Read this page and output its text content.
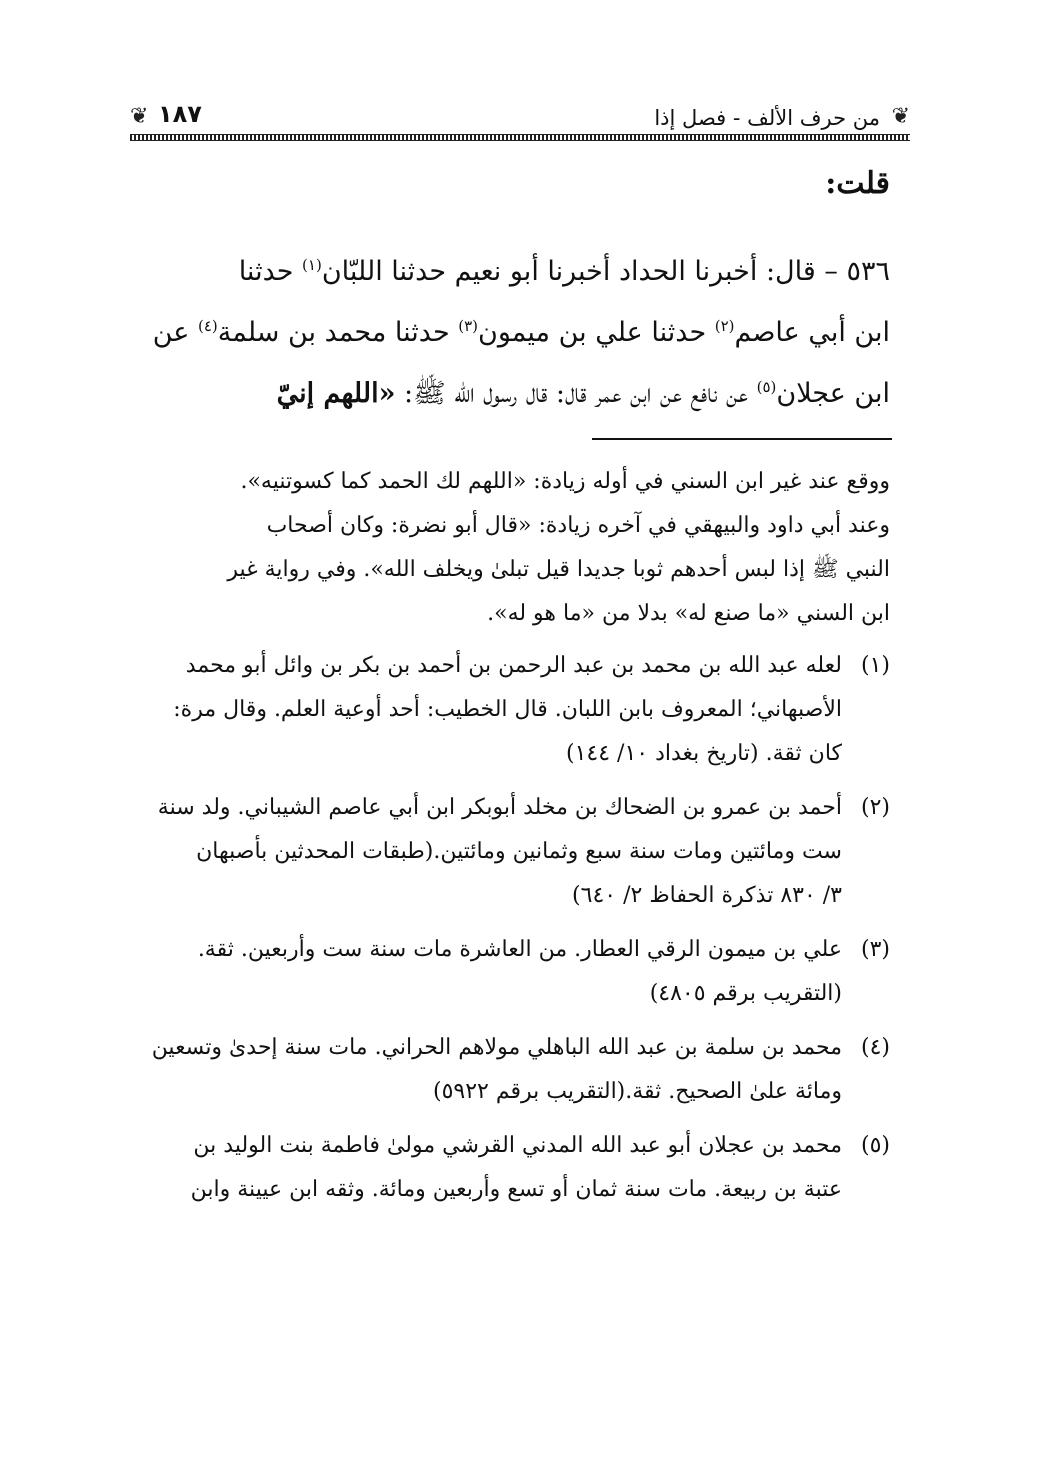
❦
من حرف الألف - فصل إذا
١٨٧
❦
قلت:

٥٣٦ – قال: أخبرنا الحداد أخبرنا أبو نعيم حدثنا اللبّان$^{(١)}$ حدثنا

ابن أبي عاصم$^{(٢)}$ حدثنا علي بن ميمون$^{(٣)}$ حدثنا محمد بن سلمة$^{(٤)}$ عن

ابن عجلان$^{(٥)}$ عن نافع عن ابن عمر قال: قال رسول الله ﷺ: «اللهم إنيّ

ووقع عند غير ابن السني في أوله زيادة: «اللهم لك الحمد كما كسوتنيه».

وعند أبي داود والبيهقي في آخره زيادة: «قال أبو نضرة: وكان أصحاب

النبي ﷺ إذا لبس أحدهم ثوبا جديدا قيل تبلىٰ ويخلف الله». وفي رواية غير

ابن السني «ما صنع له» بدلا من «ما هو له».

(١)

لعله عبد الله بن محمد بن عبد الرحمن بن أحمد بن بكر بن وائل أبو محمد

الأصبهاني؛ المعروف بابن اللبان. قال الخطيب: أحد أوعية العلم. وقال مرة:

كان ثقة. (تاريخ بغداد ١٠/ ١٤٤)

(٢)

أحمد بن عمرو بن الضحاك بن مخلد أبوبكر ابن أبي عاصم الشيباني. ولد سنة

ست ومائتين ومات سنة سبع وثمانين ومائتين.(طبقات المحدثين بأصبهان

٣/ ٨٣٠ تذكرة الحفاظ ٢/ ٦٤٠)

(٣)

علي بن ميمون الرقي العطار. من العاشرة مات سنة ست وأربعين. ثقة.

(التقريب برقم ٤٨٠٥)

(٤)

محمد بن سلمة بن عبد الله الباهلي مولاهم الحراني. مات سنة إحدىٰ وتسعين

ومائة علىٰ الصحيح. ثقة.(التقريب برقم ٥٩٢٢)

(٥)

محمد بن عجلان أبو عبد الله المدني القرشي مولىٰ فاطمة بنت الوليد بن

عتبة بن ربيعة. مات سنة ثمان أو تسع وأربعين ومائة. وثقه ابن عيينة وابن
